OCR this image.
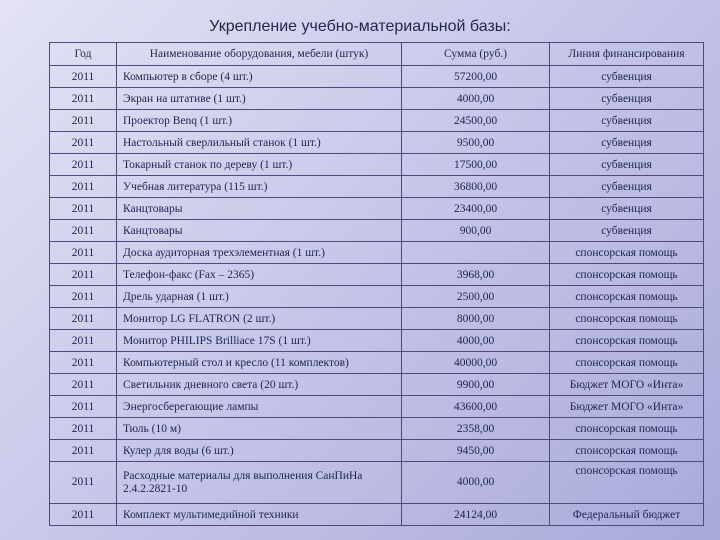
Укрепление учебно-материальной базы:
Год	Наименование оборудования, мебели (штук)	Сумма (руб.)	Линия финансирования
2011	Компьютер в сборе (4 шт.)	57200,00	субвенция
2011	Экран на штативе (1 шт.)	4000,00	субвенция
2011	Проектор Benq (1 шт.)	24500,00	субвенция
2011	Настольный сверлильный станок (1 шт.)	9500,00	субвенция
2011	Токарный станок по дереву (1 шт.)	17500,00	субвенция
2011	Учебная литература (115 шт.)	36800,00	субвенция
2011	Канцтовары	23400,00	субвенция
2011	Канцтовары	900,00	субвенция
2011	Доска аудиторная трехэлементная (1 шт.)		спонсорская помощь
2011	Телефон-факс (Fax – 2365)	3968,00	спонсорская помощь
2011	Дрель ударная (1 шт.)	2500,00	спонсорская помощь
2011	Монитор LG FLATRON (2 шт.)	8000,00	спонсорская помощь
2011	Монитор PHILIPS Brilliace 17S (1 шт.)	4000,00	спонсорская помощь
2011	Компьютерный стол и кресло (11 комплектов)	40000,00	спонсорская помощь
2011	Светильник дневного света (20 шт.)	9900,00	Бюджет МОГО «Инта»
2011	Энергосберегающие лампы	43600,00	Бюджет МОГО «Инта»
2011	Тюль (10 м)	2358,00	спонсорская помощь
2011	Кулер для воды (6 шт.)	9450,00	спонсорская помощь
2011	Расходные материалы для выполнения СанПиНа 2.4.2.2821-10	4000,00	спонсорская помощь
2011	Комплект мультимедийной техники	24124,00	Федеральный бюджет
